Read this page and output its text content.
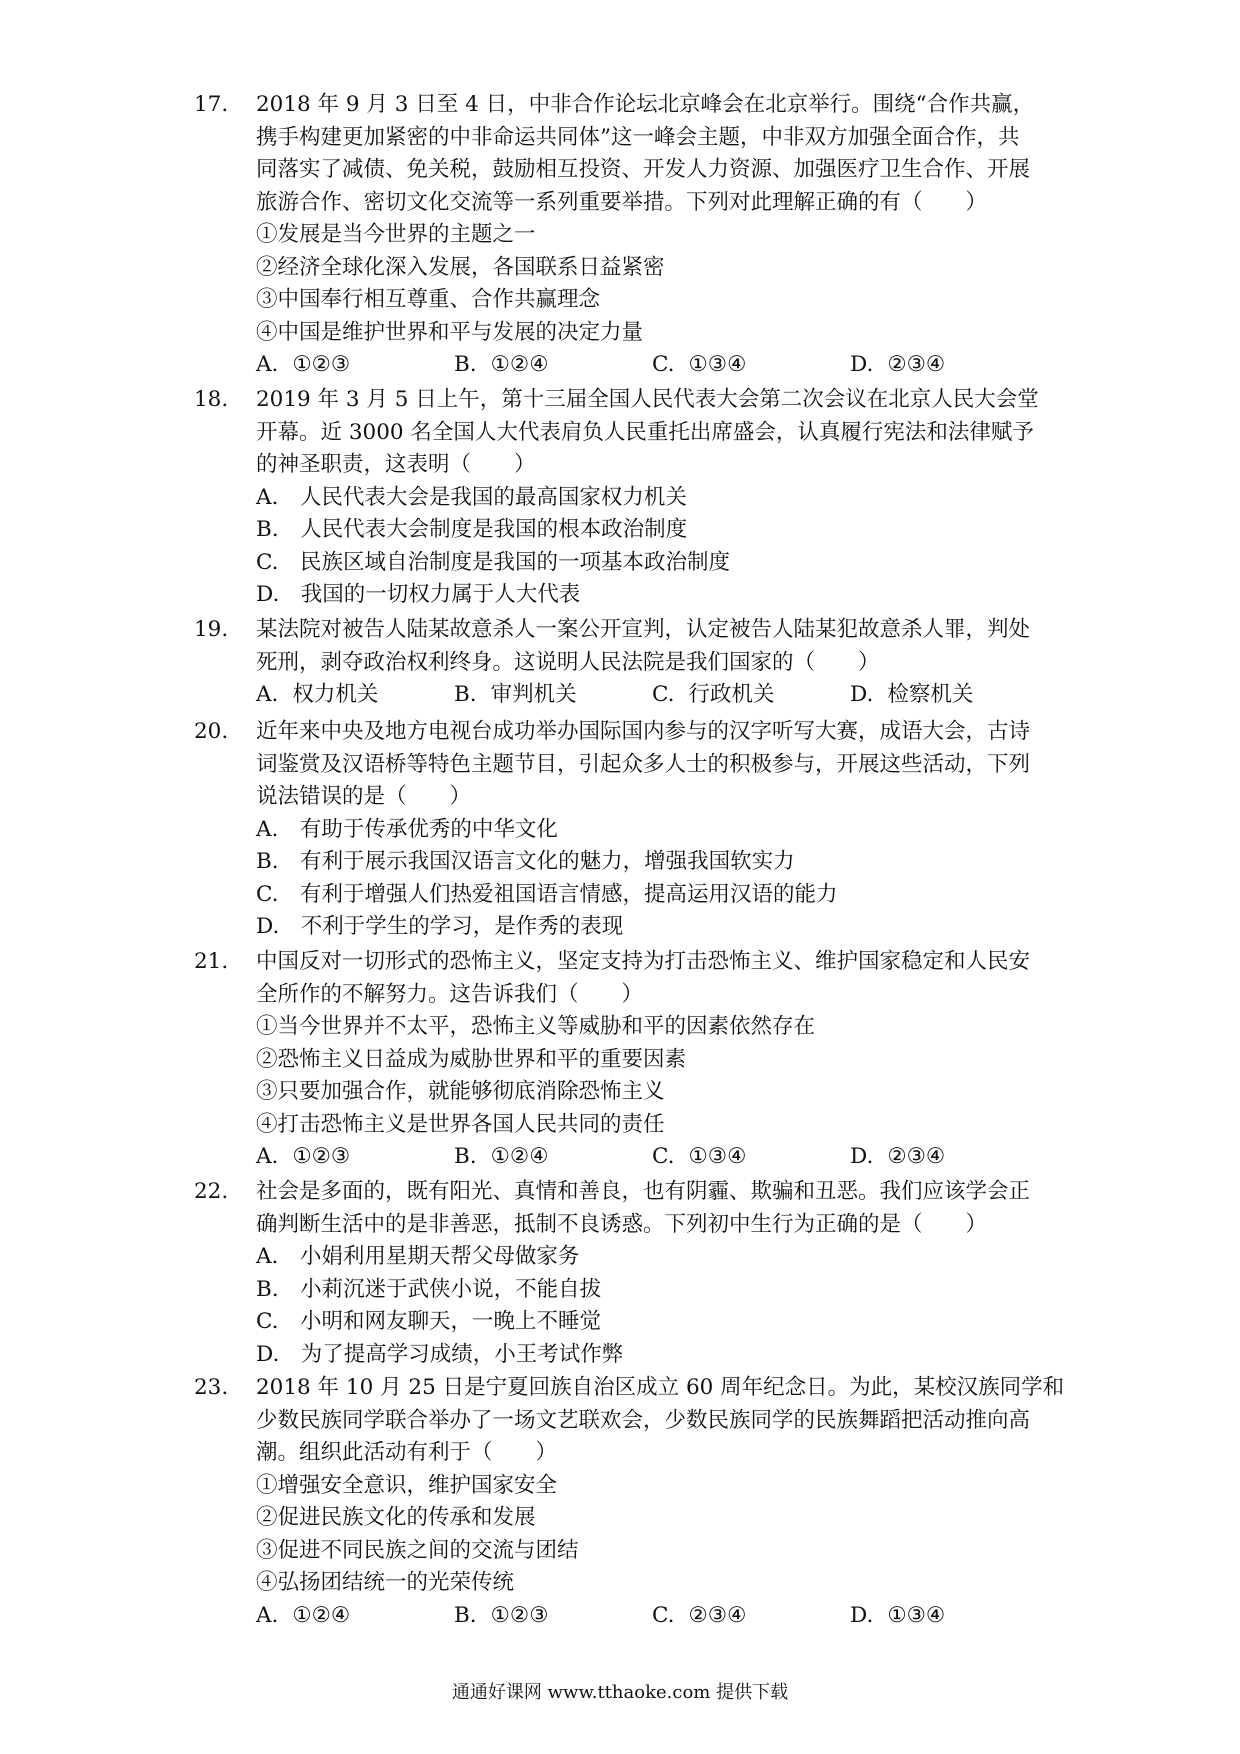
17.	2018 年 9 月 3 日至 4 日，中非合作论坛北京峰会在北京举行。围绕“合作共赢，
携手构建更加紧密的中非命运共同体”这一峰会主题，中非双方加强全面合作，共
同落实了减债、免关税，鼓励相互投资、开发人力资源、加强医疗卫生合作、开展
旅游合作、密切文化交流等一系列重要举措。下列对此理解正确的有（　　）
①发展是当今世界的主题之一
②经济全球化深入发展，各国联系日益紧密
③中国奉行相互尊重、合作共赢理念
④中国是维护世界和平与发展的决定力量
A. ①②③	B. ①②④	C. ①③④	D. ②③④
18.	2019 年 3 月 5 日上午，第十三届全国人民代表大会第二次会议在北京人民大会堂
开幕。近 3000 名全国人大代表肩负人民重托出席盛会，认真履行宪法和法律赋予
的神圣职责，这表明（　　）
A.　人民代表大会是我国的最高国家权力机关
B.　人民代表大会制度是我国的根本政治制度
C.　民族区域自治制度是我国的一项基本政治制度
D.　我国的一切权力属于人大代表
19.	某法院对被告人陆某故意杀人一案公开宣判，认定被告人陆某犯故意杀人罪，判处
死刑，剥夺政治权利终身。这说明人民法院是我们国家的（　　）
A. 权力机关	B. 审判机关	C. 行政机关	D. 检察机关
20.	近年来中央及地方电视台成功举办国际国内参与的汉字听写大赛，成语大会，古诗
词鉴赏及汉语桥等特色主题节目，引起众多人士的积极参与，开展这些活动，下列
说法错误的是（　　）
A.　有助于传承优秀的中华文化
B.　有利于展示我国汉语言文化的魅力，增强我国软实力
C.　有利于增强人们热爱祖国语言情感，提高运用汉语的能力
D.　不利于学生的学习，是作秀的表现
21.	中国反对一切形式的恐怖主义，坚定支持为打击恐怖主义、维护国家稳定和人民安
全所作的不解努力。这告诉我们（　　）
①当今世界并不太平，恐怖主义等威胁和平的因素依然存在
②恐怖主义日益成为威胁世界和平的重要因素
③只要加强合作，就能够彻底消除恐怖主义
④打击恐怖主义是世界各国人民共同的责任
A. ①②③	B. ①②④	C. ①③④	D. ②③④
22.	社会是多面的，既有阳光、真情和善良，也有阴霾、欺骗和丑恶。我们应该学会正
确判断生活中的是非善恶，抵制不良诱惑。下列初中生行为正确的是（　　）
A.　小娟利用星期天帮父母做家务
B.　小莉沉迷于武侠小说，不能自拔
C.　小明和网友聊天，一晚上不睡觉
D.　为了提高学习成绩，小王考试作弊
23.	2018 年 10 月 25 日是宁夏回族自治区成立 60 周年纪念日。为此，某校汉族同学和
少数民族同学联合举办了一场文艺联欢会，少数民族同学的民族舞蹈把活动推向高
潮。组织此活动有利于（　　）
①增强安全意识，维护国家安全
②促进民族文化的传承和发展
③促进不同民族之间的交流与团结
④弘扬团结统一的光荣传统
A. ①②④	B. ①②③	C. ②③④	D. ①③④
通通好课网 www.tthaoke.com 提供下载
